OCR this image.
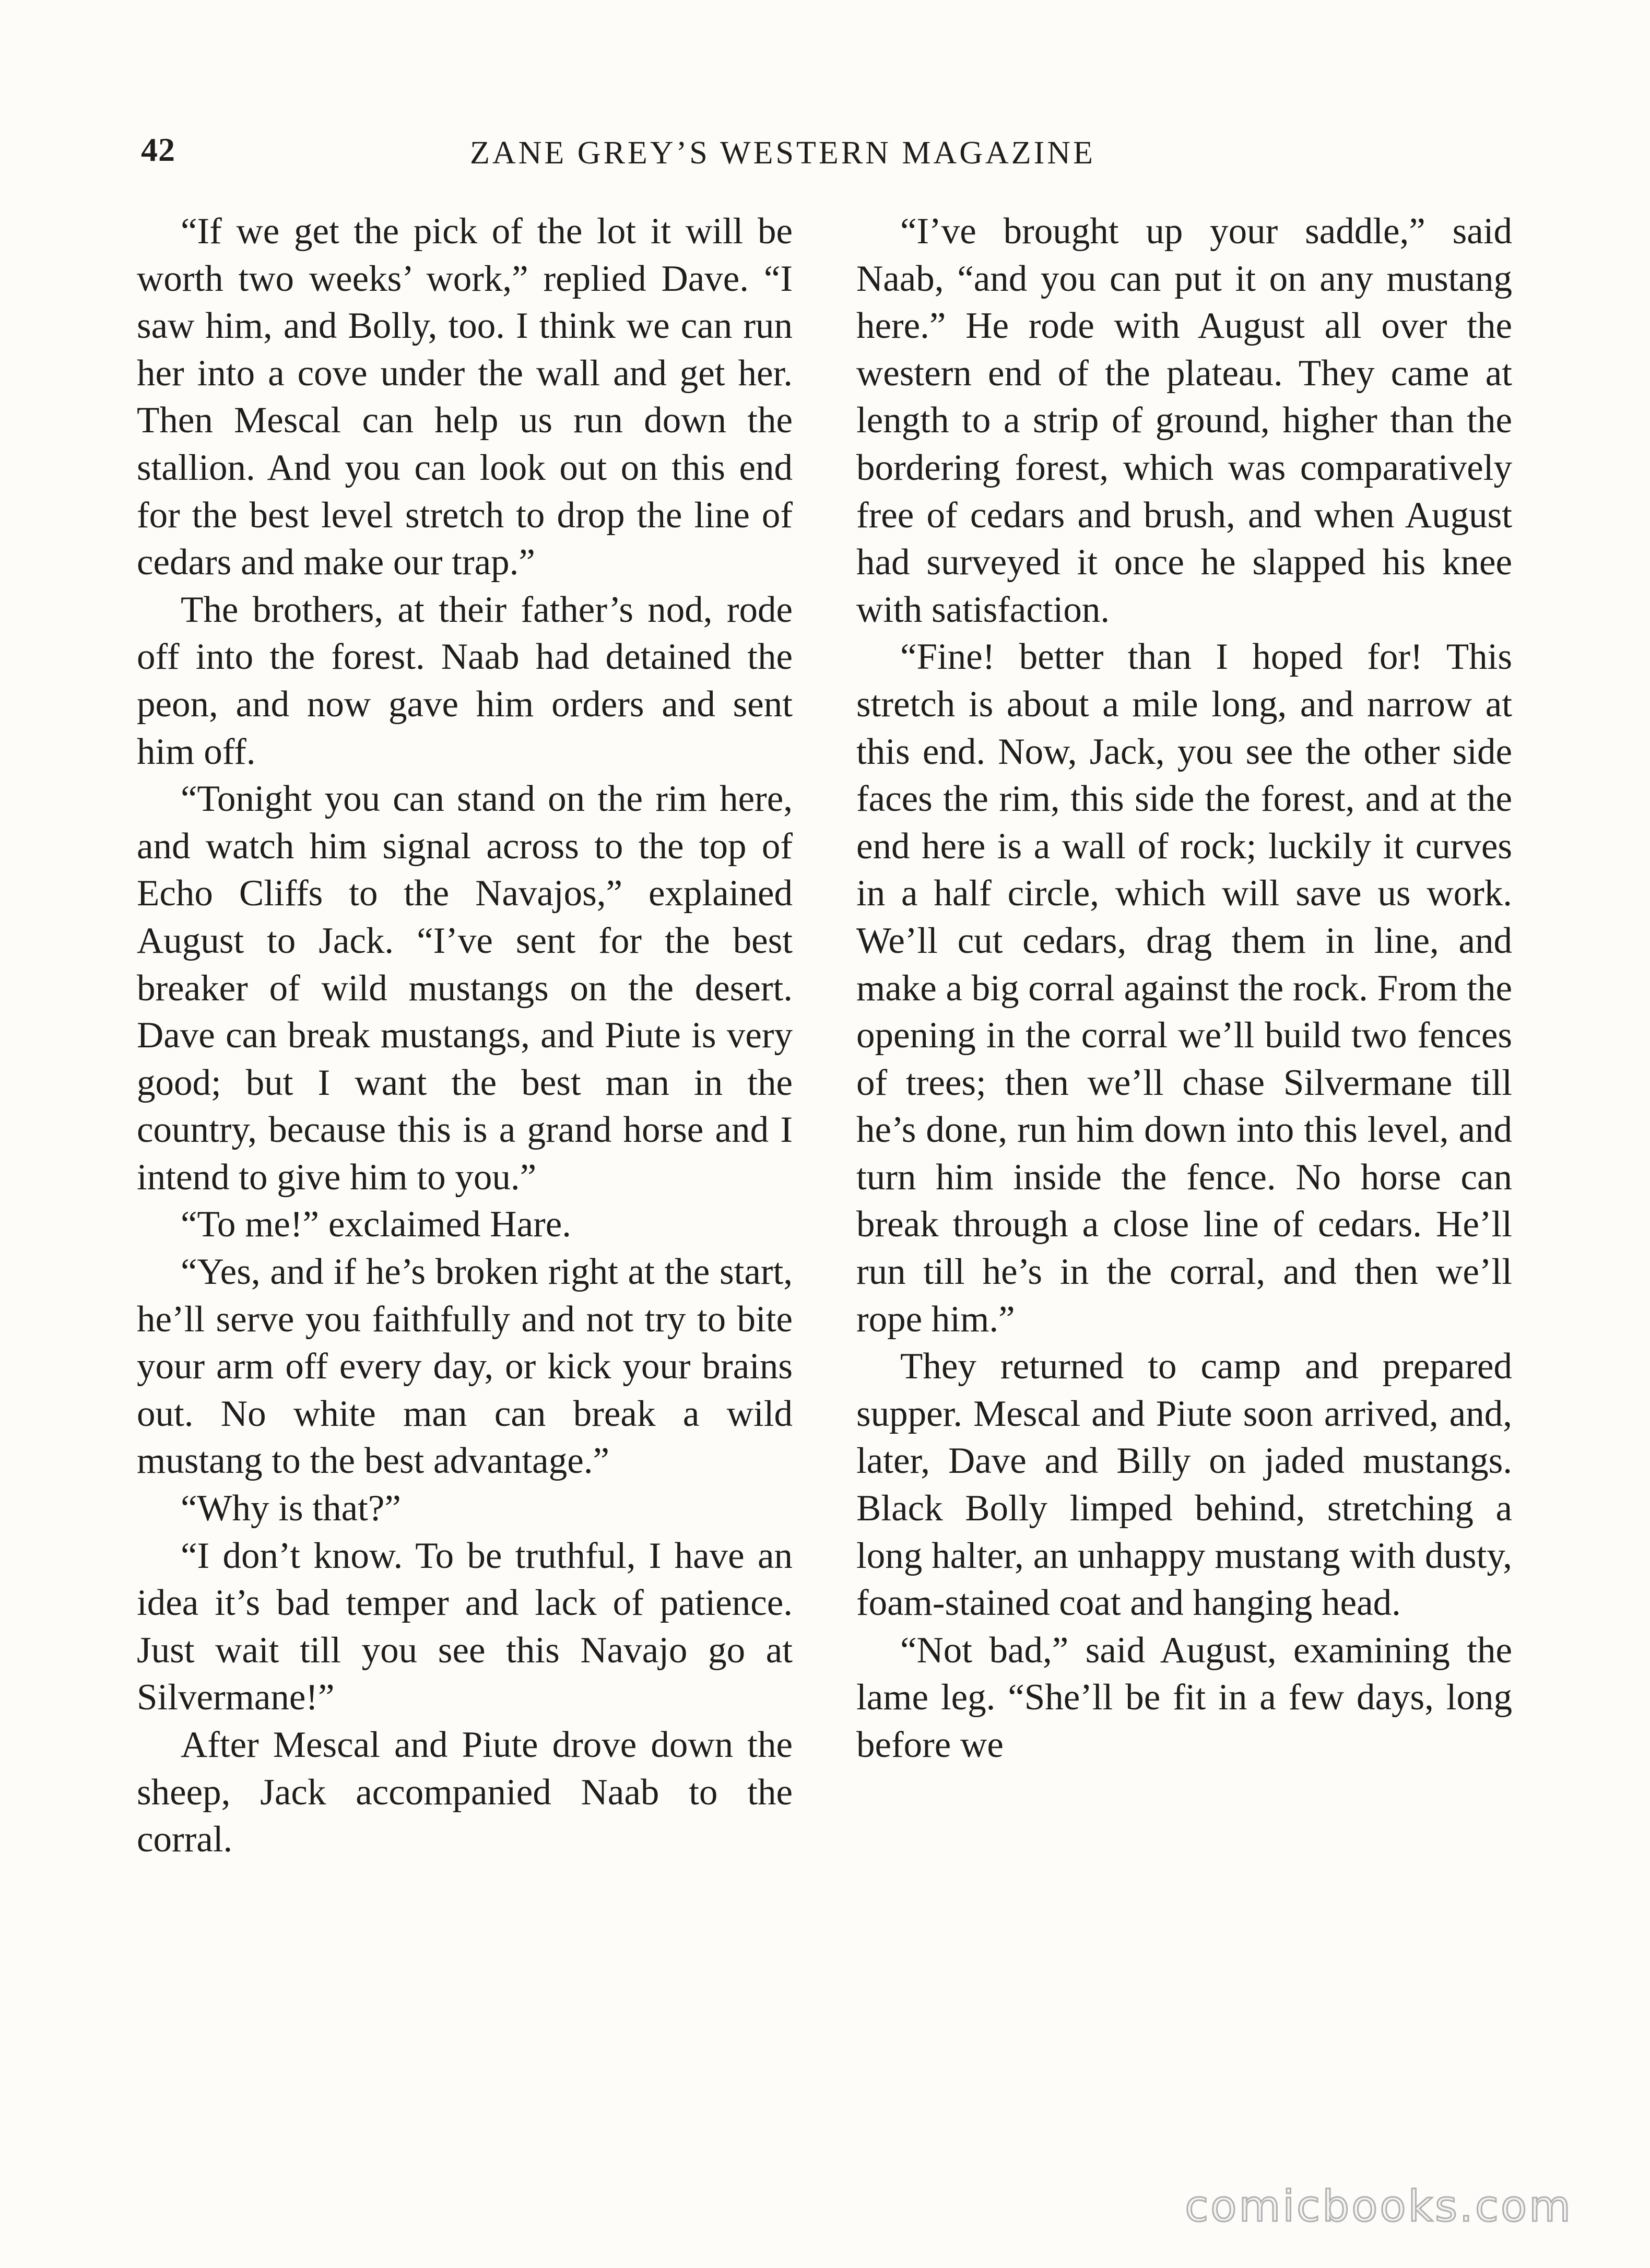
42	ZANE GREY’S WESTERN MAGAZINE

“If we get the pick of the lot it will be worth two weeks’ work,” replied Dave. “I saw him, and Bolly, too. I think we can run her into a cove under the wall and get her. Then Mescal can help us run down the stallion. And you can look out on this end for the best level stretch to drop the line of cedars and make our trap.”

The brothers, at their father’s nod, rode off into the forest. Naab had detained the peon, and now gave him orders and sent him off.

“Tonight you can stand on the rim here, and watch him signal across to the top of Echo Cliffs to the Navajos,” explained August to Jack. “I’ve sent for the best breaker of wild mustangs on the desert. Dave can break mustangs, and Piute is very good; but I want the best man in the country, because this is a grand horse and I intend to give him to you.”

“To me!” exclaimed Hare.

“Yes, and if he’s broken right at the start, he’ll serve you faithfully and not try to bite your arm off every day, or kick your brains out. No white man can break a wild mustang to the best advantage.”

“Why is that?”

“I don’t know. To be truthful, I have an idea it’s bad temper and lack of patience. Just wait till you see this Navajo go at Silvermane!”

After Mescal and Piute drove down the sheep, Jack accompanied Naab to the corral.

“I’ve brought up your saddle,” said Naab, “and you can put it on any mustang here.” He rode with August all over the western end of the plateau. They came at length to a strip of ground, higher than the bordering forest, which was comparatively free of cedars and brush, and when August had surveyed it once he slapped his knee with satisfaction.

“Fine! better than I hoped for! This stretch is about a mile long, and narrow at this end. Now, Jack, you see the other side faces the rim, this side the forest, and at the end here is a wall of rock; luckily it curves in a half circle, which will save us work. We’ll cut cedars, drag them in line, and make a big corral against the rock. From the opening in the corral we’ll build two fences of trees; then we’ll chase Silvermane till he’s done, run him down into this level, and turn him inside the fence. No horse can break through a close line of cedars. He’ll run till he’s in the corral, and then we’ll rope him.”

They returned to camp and prepared supper. Mescal and Piute soon arrived, and, later, Dave and Billy on jaded mustangs. Black Bolly limped behind, stretching a long halter, an unhappy mustang with dusty, foam-stained coat and hanging head.

“Not bad,” said August, examining the lame leg. “She’ll be fit in a few days, long before we

comicbooks.com
